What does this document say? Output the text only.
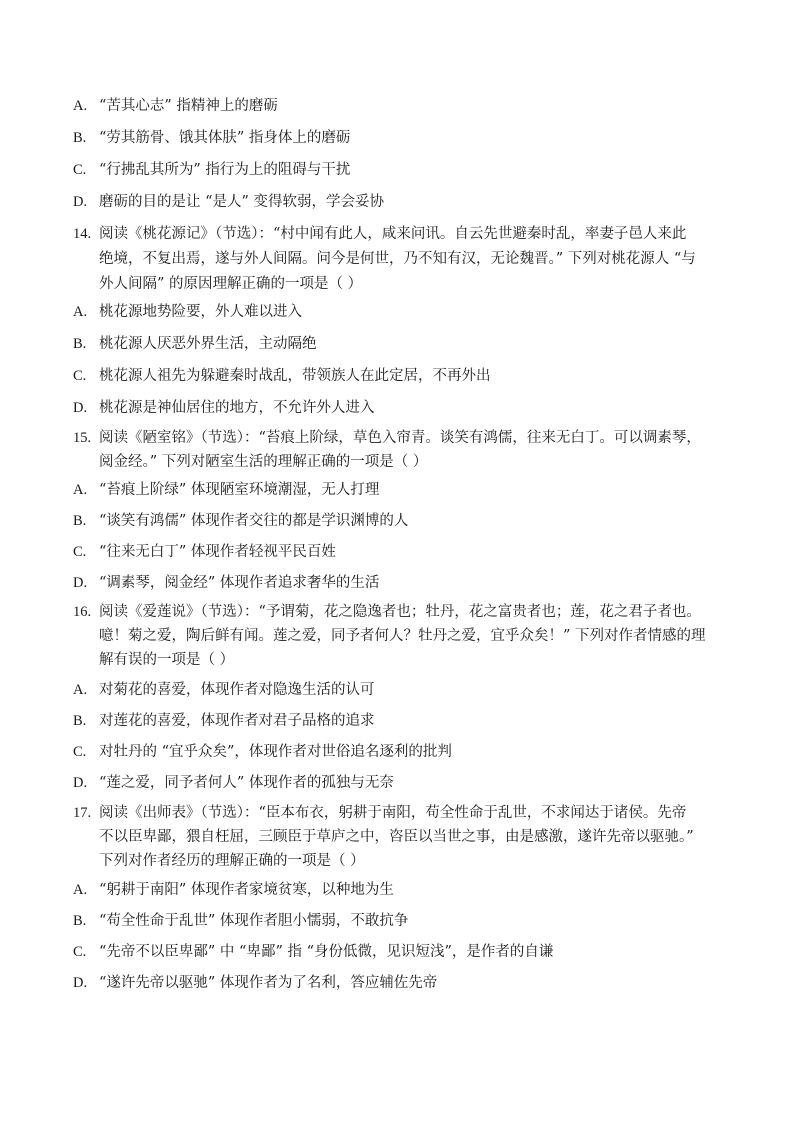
A. “苦其心志” 指精神上的磨砺
B. “劳其筋骨、饿其体肤” 指身体上的磨砺
C. “行拂乱其所为” 指行为上的阻碍与干扰
D. 磨砺的目的是让 “是人” 变得软弱，学会妥协
14. 阅读《桃花源记》（节选）：“村中闻有此人，咸来问讯。自云先世避秦时乱，率妻子邑人来此
绝境，不复出焉，遂与外人间隔。问今是何世，乃不知有汉，无论魏晋。” 下列对桃花源人 “与
外人间隔” 的原因理解正确的一项是（ ）
A. 桃花源地势险要，外人难以进入
B. 桃花源人厌恶外界生活，主动隔绝
C. 桃花源人祖先为躲避秦时战乱，带领族人在此定居，不再外出
D. 桃花源是神仙居住的地方，不允许外人进入
15. 阅读《陋室铭》（节选）：“苔痕上阶绿，草色入帘青。谈笑有鸿儒，往来无白丁。可以调素琴，
阅金经。” 下列对陋室生活的理解正确的一项是（ ）
A. “苔痕上阶绿” 体现陋室环境潮湿，无人打理
B. “谈笑有鸿儒” 体现作者交往的都是学识渊博的人
C. “往来无白丁” 体现作者轻视平民百姓
D. “调素琴，阅金经” 体现作者追求奢华的生活
16. 阅读《爱莲说》（节选）：“予谓菊，花之隐逸者也；牡丹，花之富贵者也；莲，花之君子者也。
噫！菊之爱，陶后鲜有闻。莲之爱，同予者何人？牡丹之爱，宜乎众矣！” 下列对作者情感的理
解有误的一项是（ ）
A. 对菊花的喜爱，体现作者对隐逸生活的认可
B. 对莲花的喜爱，体现作者对君子品格的追求
C. 对牡丹的 “宜乎众矣”，体现作者对世俗追名逐利的批判
D. “莲之爱，同予者何人” 体现作者的孤独与无奈
17. 阅读《出师表》（节选）：“臣本布衣，躬耕于南阳，苟全性命于乱世，不求闻达于诸侯。先帝
不以臣卑鄙，猥自枉屈，三顾臣于草庐之中，咨臣以当世之事，由是感激，遂许先帝以驱驰。”
下列对作者经历的理解正确的一项是（ ）
A. “躬耕于南阳” 体现作者家境贫寒，以种地为生
B. “苟全性命于乱世” 体现作者胆小懦弱，不敢抗争
C. “先帝不以臣卑鄙” 中 “卑鄙” 指 “身份低微，见识短浅”，是作者的自谦
D. “遂许先帝以驱驰” 体现作者为了名利，答应辅佐先帝
